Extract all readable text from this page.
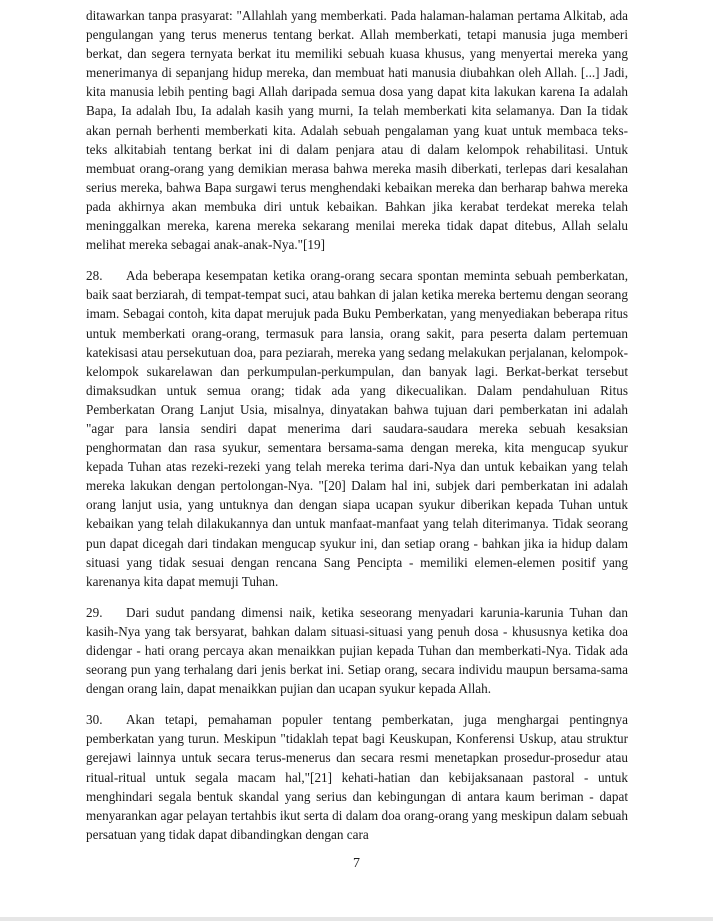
ditawarkan tanpa prasyarat: "Allahlah yang memberkati. Pada halaman-halaman pertama Alkitab, ada pengulangan yang terus menerus tentang berkat. Allah memberkati, tetapi manusia juga memberi berkat, dan segera ternyata berkat itu memiliki sebuah kuasa khusus, yang menyertai mereka yang menerimanya di sepanjang hidup mereka, dan membuat hati manusia diubahkan oleh Allah. [...] Jadi, kita manusia lebih penting bagi Allah daripada semua dosa yang dapat kita lakukan karena Ia adalah Bapa, Ia adalah Ibu, Ia adalah kasih yang murni, Ia telah memberkati kita selamanya. Dan Ia tidak akan pernah berhenti memberkati kita. Adalah sebuah pengalaman yang kuat untuk membaca teks-teks alkitabiah tentang berkat ini di dalam penjara atau di dalam kelompok rehabilitasi. Untuk membuat orang-orang yang demikian merasa bahwa mereka masih diberkati, terlepas dari kesalahan serius mereka, bahwa Bapa surgawi terus menghendaki kebaikan mereka dan berharap bahwa mereka pada akhirnya akan membuka diri untuk kebaikan. Bahkan jika kerabat terdekat mereka telah meninggalkan mereka, karena mereka sekarang menilai mereka tidak dapat ditebus, Allah selalu melihat mereka sebagai anak-anak-Nya."[19]

28. Ada beberapa kesempatan ketika orang-orang secara spontan meminta sebuah pemberkatan, baik saat berziarah, di tempat-tempat suci, atau bahkan di jalan ketika mereka bertemu dengan seorang imam. Sebagai contoh, kita dapat merujuk pada Buku Pemberkatan, yang menyediakan beberapa ritus untuk memberkati orang-orang, termasuk para lansia, orang sakit, para peserta dalam pertemuan katekisasi atau persekutuan doa, para peziarah, mereka yang sedang melakukan perjalanan, kelompok-kelompok sukarelawan dan perkumpulan-perkumpulan, dan banyak lagi. Berkat-berkat tersebut dimaksudkan untuk semua orang; tidak ada yang dikecualikan. Dalam pendahuluan Ritus Pemberkatan Orang Lanjut Usia, misalnya, dinyatakan bahwa tujuan dari pemberkatan ini adalah "agar para lansia sendiri dapat menerima dari saudara-saudara mereka sebuah kesaksian penghormatan dan rasa syukur, sementara bersama-sama dengan mereka, kita mengucap syukur kepada Tuhan atas rezeki-rezeki yang telah mereka terima dari-Nya dan untuk kebaikan yang telah mereka lakukan dengan pertolongan-Nya. "[20] Dalam hal ini, subjek dari pemberkatan ini adalah orang lanjut usia, yang untuknya dan dengan siapa ucapan syukur diberikan kepada Tuhan untuk kebaikan yang telah dilakukannya dan untuk manfaat-manfaat yang telah diterimanya. Tidak seorang pun dapat dicegah dari tindakan mengucap syukur ini, dan setiap orang - bahkan jika ia hidup dalam situasi yang tidak sesuai dengan rencana Sang Pencipta - memiliki elemen-elemen positif yang karenanya kita dapat memuji Tuhan.

29. Dari sudut pandang dimensi naik, ketika seseorang menyadari karunia-karunia Tuhan dan kasih-Nya yang tak bersyarat, bahkan dalam situasi-situasi yang penuh dosa - khususnya ketika doa didengar - hati orang percaya akan menaikkan pujian kepada Tuhan dan memberkati-Nya. Tidak ada seorang pun yang terhalang dari jenis berkat ini. Setiap orang, secara individu maupun bersama-sama dengan orang lain, dapat menaikkan pujian dan ucapan syukur kepada Allah.

30. Akan tetapi, pemahaman populer tentang pemberkatan, juga menghargai pentingnya pemberkatan yang turun. Meskipun "tidaklah tepat bagi Keuskupan, Konferensi Uskup, atau struktur gerejawi lainnya untuk secara terus-menerus dan secara resmi menetapkan prosedur-prosedur atau ritual-ritual untuk segala macam hal,"[21] kehati-hatian dan kebijaksanaan pastoral - untuk menghindari segala bentuk skandal yang serius dan kebingungan di antara kaum beriman - dapat menyarankan agar pelayan tertahbis ikut serta di dalam doa orang-orang yang meskipun dalam sebuah persatuan yang tidak dapat dibandingkan dengan cara

7
